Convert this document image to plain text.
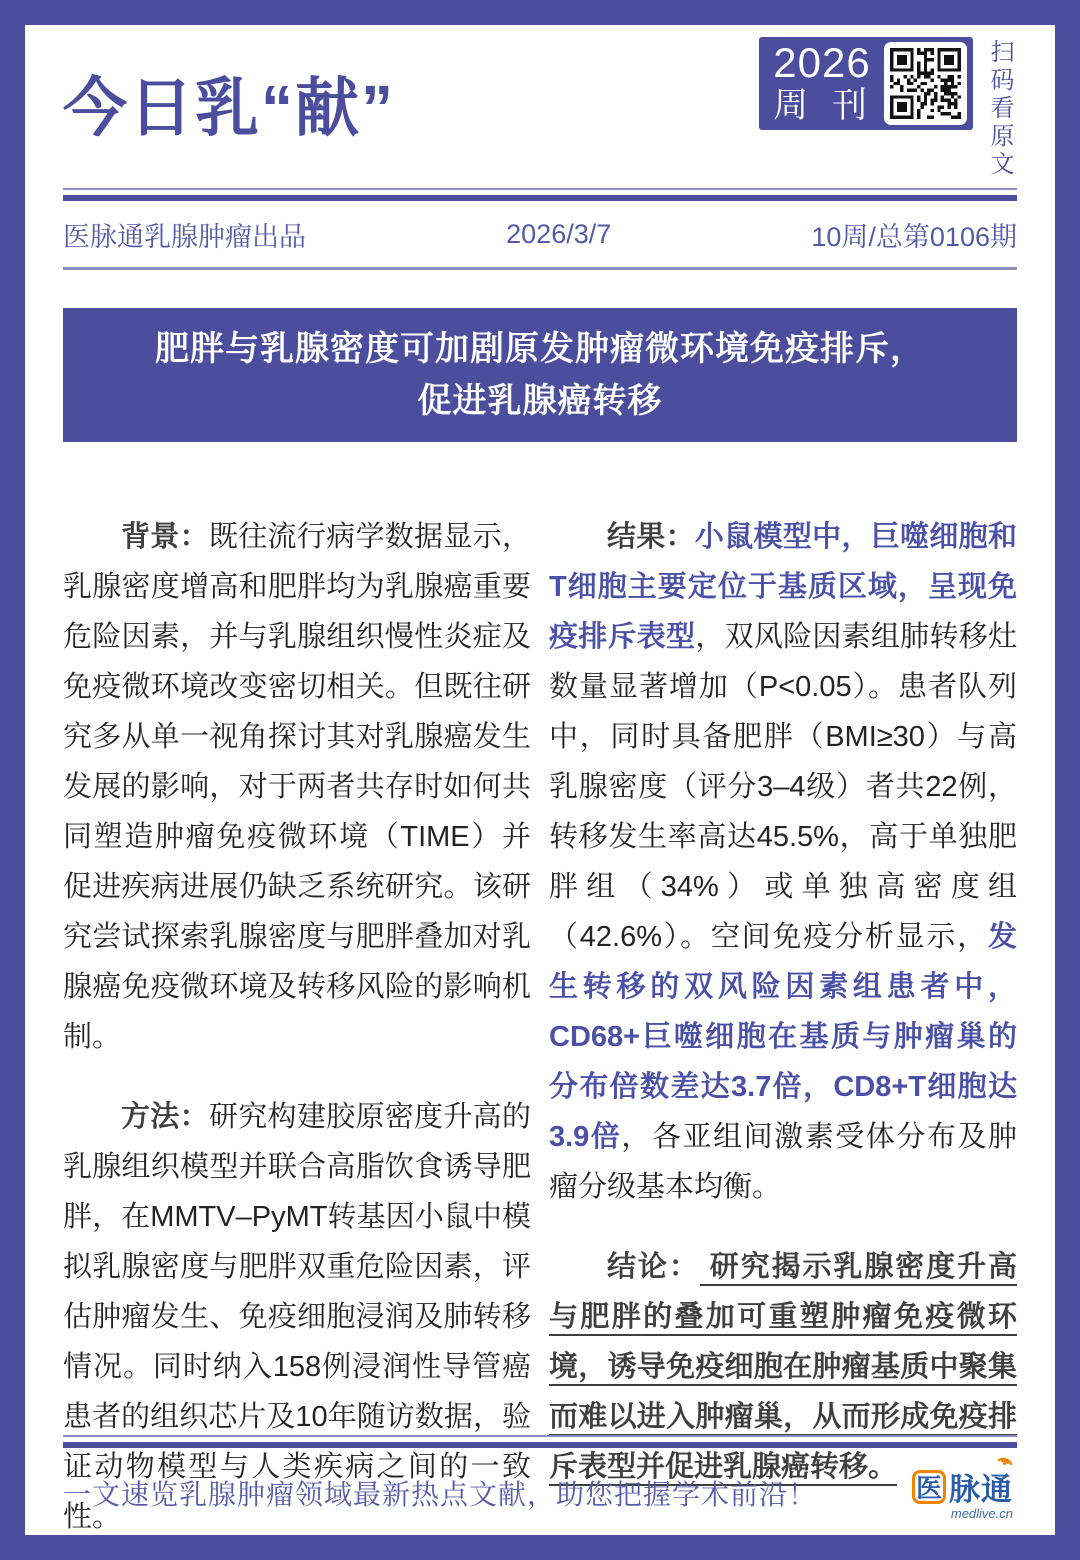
今日乳“献”
2026
周 刊	扫码看原文
医脉通乳腺肿瘤出品	2026/3/7	10周/总第0106期
肥胖与乳腺密度可加剧原发肿瘤微环境免疫排斥，
促进乳腺癌转移

背景：既往流行病学数据显示，乳腺密度增高和肥胖均为乳腺癌重要危险因素，并与乳腺组织慢性炎症及免疫微环境改变密切相关。但既往研究多从单一视角探讨其对乳腺癌发生发展的影响，对于两者共存时如何共同塑造肿瘤免疫微环境（TIME）并促进疾病进展仍缺乏系统研究。该研究尝试探索乳腺密度与肥胖叠加对乳腺癌免疫微环境及转移风险的影响机制。

方法：研究构建胶原密度升高的乳腺组织模型并联合高脂饮食诱导肥胖，在MMTV–PyMT转基因小鼠中模拟乳腺密度与肥胖双重危险因素，评估肿瘤发生、免疫细胞浸润及肺转移情况。同时纳入158例浸润性导管癌患者的组织芯片及10年随访数据，验证动物模型与人类疾病之间的一致性。

结果：小鼠模型中，巨噬细胞和T细胞主要定位于基质区域，呈现免疫排斥表型，双风险因素组肺转移灶数量显著增加（P<0.05）。患者队列中，同时具备肥胖（BMI≥30）与高乳腺密度（评分3–4级）者共22例，转移发生率高达45.5%，高于单独肥胖组（34%）或单独高密度组（42.6%）。空间免疫分析显示，发生转移的双风险因素组患者中，CD68+巨噬细胞在基质与肿瘤巢的分布倍数差达3.7倍，CD8+T细胞达3.9倍，各亚组间激素受体分布及肿瘤分级基本均衡。

结论： 研究揭示乳腺密度升高与肥胖的叠加可重塑肿瘤免疫微环境，诱导免疫细胞在肿瘤基质中聚集而难以进入肿瘤巢，从而形成免疫排斥表型并促进乳腺癌转移。

一文速览乳腺肿瘤领域最新热点文献，助您把握学术前沿！	医 脉通
medlive.cn
